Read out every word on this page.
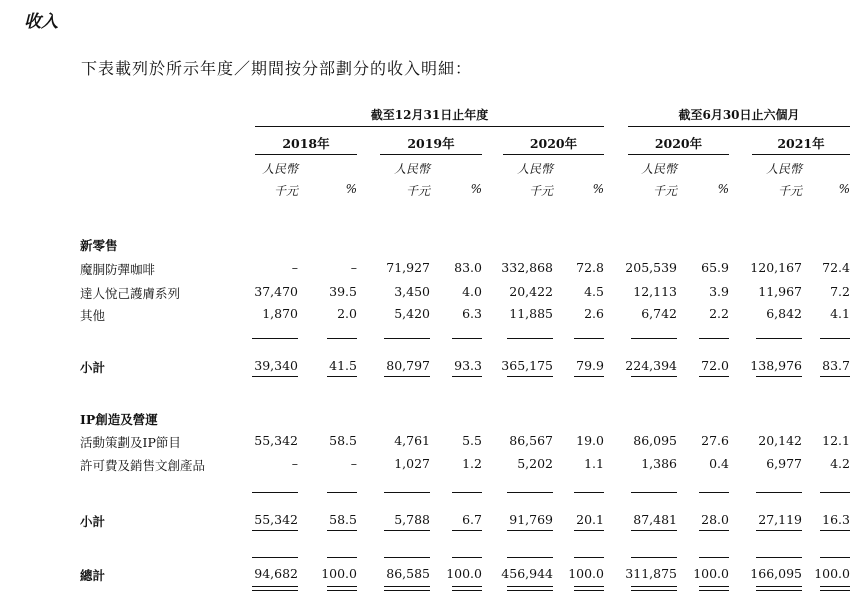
收入
下表載列於所示年度／期間按分部劃分的收入明細：
截至12月31日止年度	截至6月30日止六個月
2018年
人民幣
千元	%
2019年
人民幣
千元	%
2020年
人民幣
千元	%
2020年
人民幣
千元	%
2021年
人民幣
千元	%
新零售
魔胴防彈咖啡	–	–	71,927	83.0	332,868	72.8	205,539	65.9	120,167	72.4
達人悅己護膚系列	37,470	39.5	3,450	4.0	20,422	4.5	12,113	3.9	11,967	7.2
其他	1,870	2.0	5,420	6.3	11,885	2.6	6,742	2.2	6,842	4.1
小計	39,340	41.5	80,797	93.3	365,175	79.9	224,394	72.0	138,976	83.7
IP創造及營運
活動策劃及IP節目	55,342	58.5	4,761	5.5	86,567	19.0	86,095	27.6	20,142	12.1
許可費及銷售文創產品	–	–	1,027	1.2	5,202	1.1	1,386	0.4	6,977	4.2
小計	55,342	58.5	5,788	6.7	91,769	20.1	87,481	28.0	27,119	16.3
總計	94,682	100.0	86,585	100.0	456,944	100.0	311,875	100.0	166,095 100.0
